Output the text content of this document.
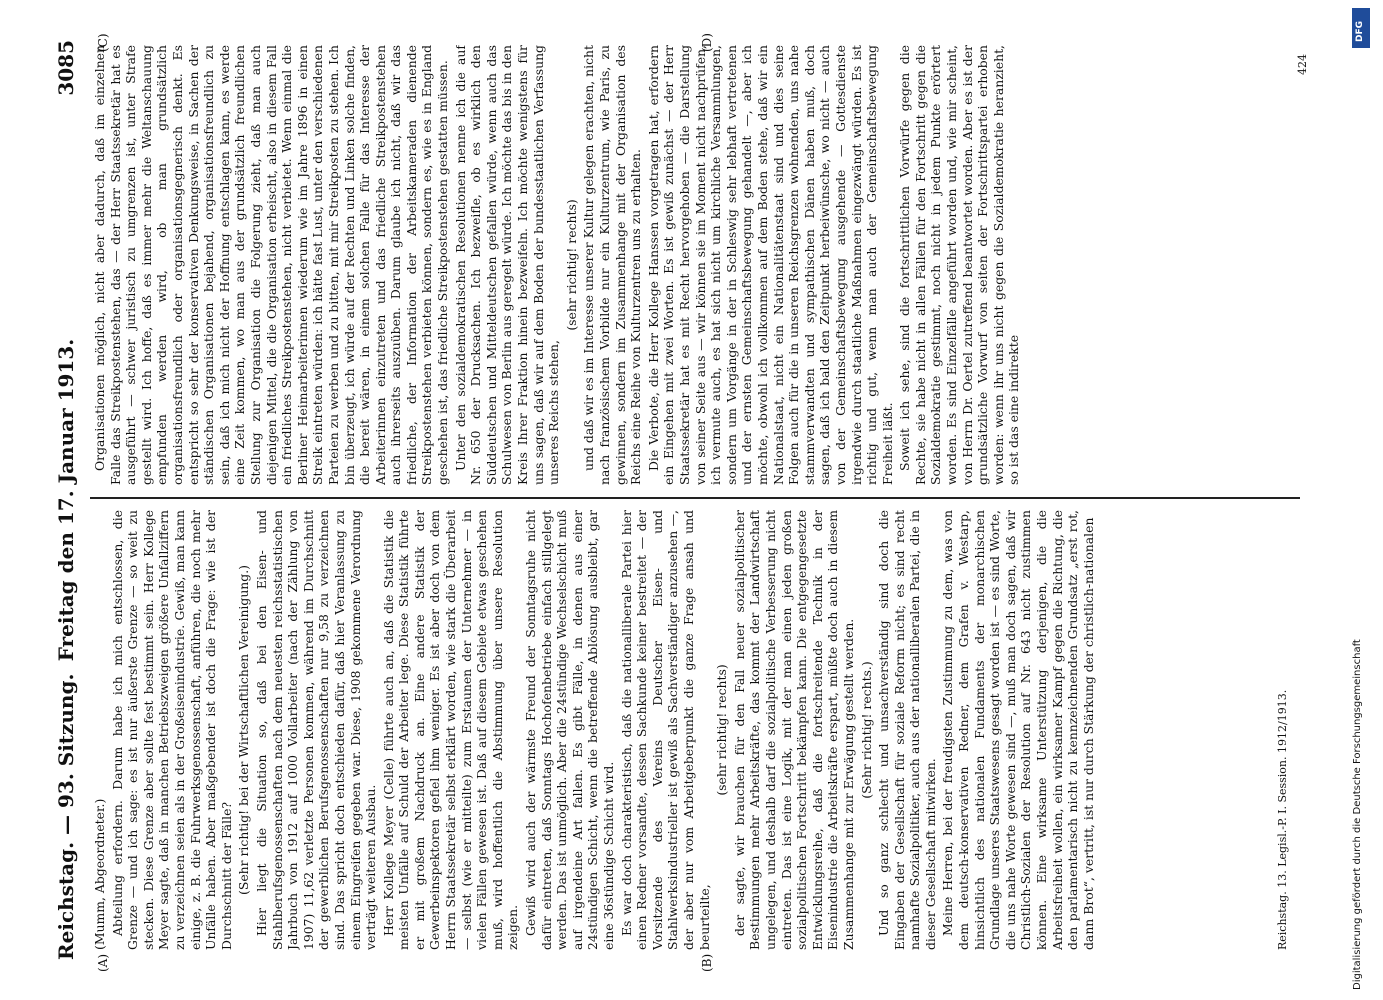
Reichstag. — 93. Sitzung.
Freitag den 17. Januar 1913.
3085

(Mumm, Abgeordneter.) Abteilung erfordern. Darum habe ich mich entschlossen, die Grenze — und ich sage: es ist nur äußerste Grenze — so weit zu stecken. Diese Grenze aber sollte fest bestimmt sein. Herr Kollege Meyer sagte, daß in manchen Betriebszweigen größere Unfallziffern zu verzeichnen seien als in der Großeisenindustrie. Gewiß, man kann einige, z. B. die Fuhrwerksgenossenschaft, anführen, die noch mehr Unfälle haben. Aber maßgebender ist doch die Frage: wie ist der Durchschnitt der Fälle? (Sehr richtig! bei der Wirtschaftlichen Vereinigung.) Hier liegt die Situation so, daß bei den Eisen- und Stahlberufsgenossenschaften nach dem neuesten reichsstatistischen Jahrbuch von 1912 auf 1000 Vollarbeiter (nach der Zählung von 1907) 11,62 verletzte Personen kommen, während im Durchschnitt der gewerblichen Berufsgenossenschaften nur 9,58 zu verzeichnen sind. Das spricht doch entschieden dafür, daß hier Veranlassung zu einem Eingreifen gegeben war. Diese, 1908 gekommene Verordnung verträgt weiteren Ausbau. Herr Kollege Meyer (Celle) führte auch an, daß die Statistik die meisten Unfälle auf Schuld der Arbeiter lege. Diese Statistik führte er mit großem Nachdruck an. Eine andere Statistik der Gewerbeinspektoren gefiel ihm weniger. Es ist aber doch von dem Herrn Staatssekretär selbst erklärt worden, wie stark die Überarbeit — selbst (wie er mitteilte) zum Erstaunen der Unternehmer — in vielen Fällen gewesen ist. Daß auf diesem Gebiete etwas geschehen muß, wird hoffentlich die Abstimmung über unsere Resolution zeigen. Gewiß wird auch der wärmste Freund der Sonntagsruhe nicht dafür eintreten, daß Sonntags Hochofenbetriebe einfach stillgelegt werden. Das ist unmöglich. Aber die 24stündige Wechselschicht muß auf irgendeine Art fallen. Es gibt Fälle, in denen aus einer 24stündigen Schicht, wenn die betreffende Ablösung ausbleibt, gar eine 36stündige Schicht wird. Es war doch charakteristisch, daß die nationalliberale Partei hier einen Redner vorsandte, dessen Sachkunde keiner bestreitet — der Vorsitzende des Vereins Deutscher Eisen- und Stahlwerksindustrieller ist gewiß als Sachverständiger anzusehen —, der aber nur vom Arbeitgeberpunkt die ganze Frage ansah und beurteilte,

(sehr richtig! rechts) der sagte, wir brauchen für den Fall neuer sozialpolitischer Bestimmungen mehr Arbeitskräfte, das kommt der Landwirtschaft ungelegen, und deshalb darf die sozialpolitische Verbesserung nicht eintreten. Das ist eine Logik, mit der man einen jeden großen sozialpolitischen Fortschritt bekämpfen kann. Die entgegengesetzte Entwicklungsreihe, daß die fortschreitende Technik in der Eisenindustrie die Arbeitskräfte erspart, müßte doch auch in diesem Zusammenhange mit zur Erwägung gestellt werden. (Sehr richtig! rechts.) Und so ganz schlecht und unsachverständig sind doch die Eingaben der Gesellschaft für soziale Reform nicht; es sind recht namhafte Sozialpolitiker, auch aus der nationalliberalen Partei, die in dieser Gesellschaft mitwirken. Meine Herren, bei der freudigsten Zustimmung zu dem, was von dem deutsch-konservativen Redner, dem Grafen v. Westarp, hinsichtlich des nationalen Fundaments der monarchischen Grundlage unseres Staatswesens gesagt worden ist — es sind Worte, die uns nahe Worte gewesen sind —, muß man doch sagen, daß wir Christlich-Sozialen der Resolution auf Nr. 643 nicht zustimmen können. Eine wirksame Unterstützung derjenigen, die die Arbeitsfreiheit wollen, ein wirksamer Kampf gegen die Richtung, die den parlamentarisch nicht zu kennzeichnenden Grundsatz „erst rot, dann Brot“, vertritt, ist nur durch Stärkung der christlich-nationalen

Organisationen möglich, nicht aber dadurch, daß im einzelnen Falle das Streikpostenstehen, das — der Herr Staatssekretär hat es ausgeführt — schwer juristisch zu umgrenzen ist, unter Strafe gestellt wird. Ich hoffe, daß es immer mehr die Weltanschauung empfunden werden wird, ob man grundsätzlich organisationsfreundlich oder organisationsgegnerisch denkt. Es entspricht so sehr der konservativen Denkungsweise, in Sachen der ständischen Organisationen bejahend, organisationsfreundlich zu sein, daß ich mich nicht der Hoffnung entschlagen kann, es werde eine Zeit kommen, wo man aus der grundsätzlich freundlichen Stellung zur Organisation die Folgerung zieht, daß man auch diejenigen Mittel, die die Organisation erheischt, also in diesem Fall ein friedliches Streikpostenstehen, nicht verbietet. Wenn einmal die Berliner Heimarbeiterinnen wiederum wie im Jahre 1896 in einen Streik eintreten würden: ich hätte fast Lust, unter den verschiedenen Parteien zu werben und zu bitten, mit mir Streikposten zu stehen. Ich bin überzeugt, ich würde auf der Rechten und Linken solche finden, die bereit wären, in einem solchen Falle für das Interesse der Arbeiterinnen einzutreten und das friedliche Streikpostenstehen auch ihrerseits auszuüben. Darum glaube ich nicht, daß wir das friedliche, der Information der Arbeitskameraden dienende Streikpostenstehen verbieten können, sondern es, wie es in England geschehen ist, das friedliche Streikpostenstehen gestatten müssen. Unter den sozialdemokratischen Resolutionen nenne ich die auf Nr. 650 der Drucksachen. Ich bezweifle, ob es wirklich den Süddeutschen und Mitteldeutschen gefallen würde, wenn auch das Schulwesen von Berlin aus geregelt würde. Ich möchte das bis in den Kreis Ihrer Fraktion hinein bezweifeln. Ich möchte wenigstens für uns sagen, daß wir auf dem Boden der bundesstaatlichen Verfassung unseres Reichs stehen,

(sehr richtig! rechts) und daß wir es im Interesse unserer Kultur gelegen erachten, nicht nach französischem Vorbilde nur ein Kulturzentrum, wie Paris, zu gewinnen, sondern im Zusammenhange mit der Organisation des Reichs eine Reihe von Kulturzentren uns zu erhalten. Die Verbote, die Herr Kollege Hanssen vorgetragen hat, erfordern ein Eingehen mit zwei Worten. Es ist gewiß zunächst — der Herr Staatssekretär hat es mit Recht hervorgehoben — die Darstellung von seiner Seite aus — wir können sie im Moment nicht nachprüfen, ich vermute auch, es hat sich nicht um kirchliche Versammlungen, sondern um Vorgänge in der in Schleswig sehr lebhaft vertretenen und der ernsten Gemeinschaftsbewegung gehandelt —, aber ich möchte, obwohl ich vollkommen auf dem Boden stehe, daß wir ein Nationalstaat, nicht ein Nationalitätenstaat sind und dies seine Folgen auch für die in unseren Reichsgrenzen wohnenden, uns nahe stammverwandten und sympathischen Dänen haben muß, doch sagen, daß ich bald den Zeitpunkt herbeiwünsche, wo nicht — auch von der Gemeinschaftsbewegung ausgehende — Gottesdienste irgendwie durch staatliche Maßnahmen eingezwängt würden. Es ist richtig und gut, wenn man auch der Gemeinschaftsbewegung Freiheit läßt. Soweit ich sehe, sind die fortschrittlichen Vorwürfe gegen die Rechte, sie habe nicht in allen Fällen für den Fortschritt gegen die Sozialdemokratie gestimmt, noch nicht in jedem Punkte erörtert worden. Es sind Einzelfälle angeführt worden und, wie mir scheint, von Herrn Dr. Oertel zutreffend beantwortet worden. Aber es ist der grundsätzliche Vorwurf von seiten der Fortschrittspartei erhoben worden: wenn ihr uns nicht gegen die Sozialdemokratie heranzieht, so ist das eine indirekte

(A)	(B)
(C)	(D)
Reichstag. 13. Legisl.-P. I. Session. 1912/1913.
424
Digitalisierung gefördert durch die Deutsche Forschungsgemeinschaft
DFG
